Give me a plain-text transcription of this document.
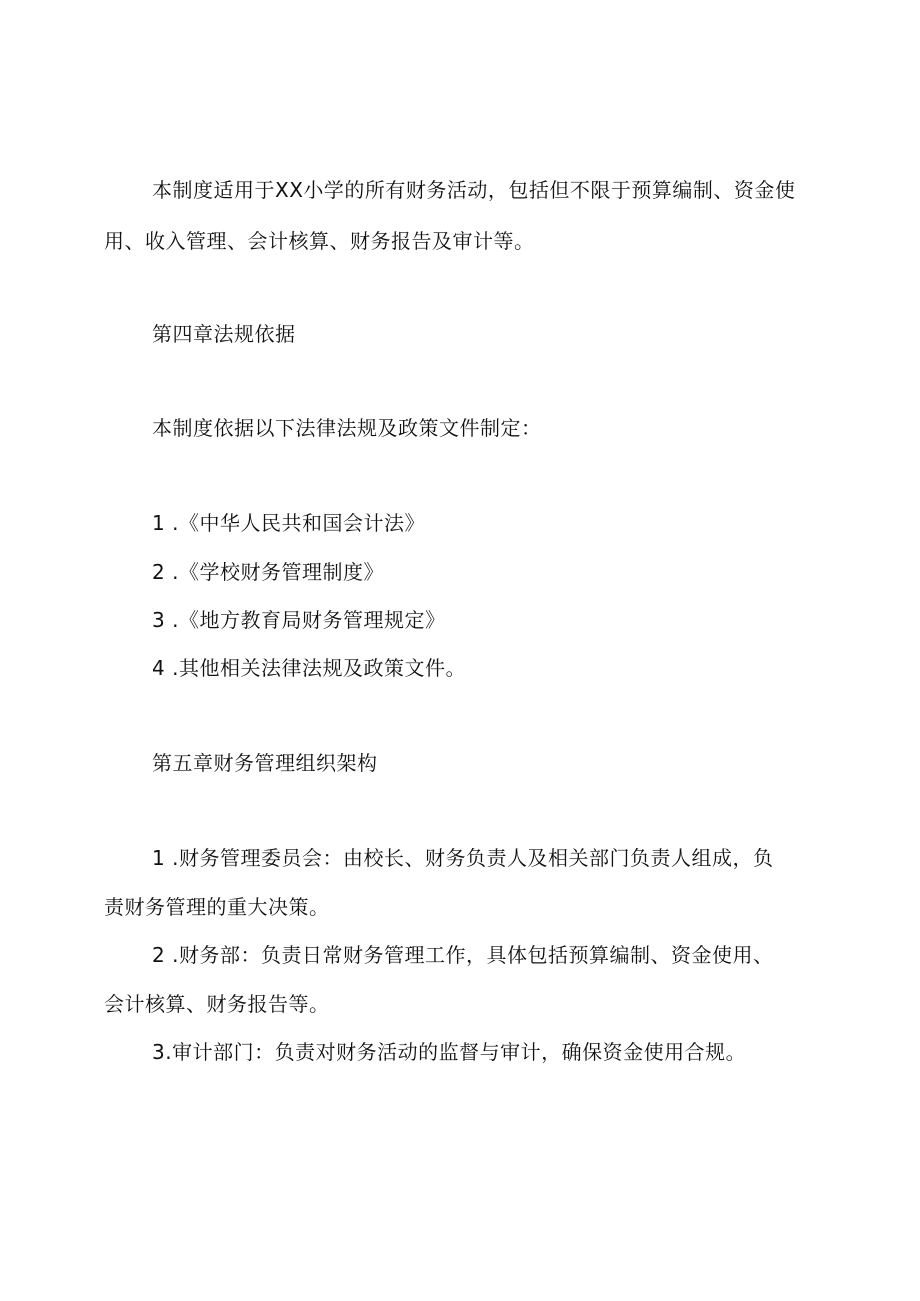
本制度适用于XX小学的所有财务活动，包括但不限于预算编制、资金使
用、收入管理、会计核算、财务报告及审计等。
第四章法规依据
本制度依据以下法律法规及政策文件制定：
1 .《中华人民共和国会计法》
2 .《学校财务管理制度》
3 .《地方教育局财务管理规定》
4 .其他相关法律法规及政策文件。
第五章财务管理组织架构
1 .财务管理委员会：由校长、财务负责人及相关部门负责人组成，负
责财务管理的重大决策。
2 .财务部：负责日常财务管理工作，具体包括预算编制、资金使用、
会计核算、财务报告等。
3.审计部门：负责对财务活动的监督与审计，确保资金使用合规。
